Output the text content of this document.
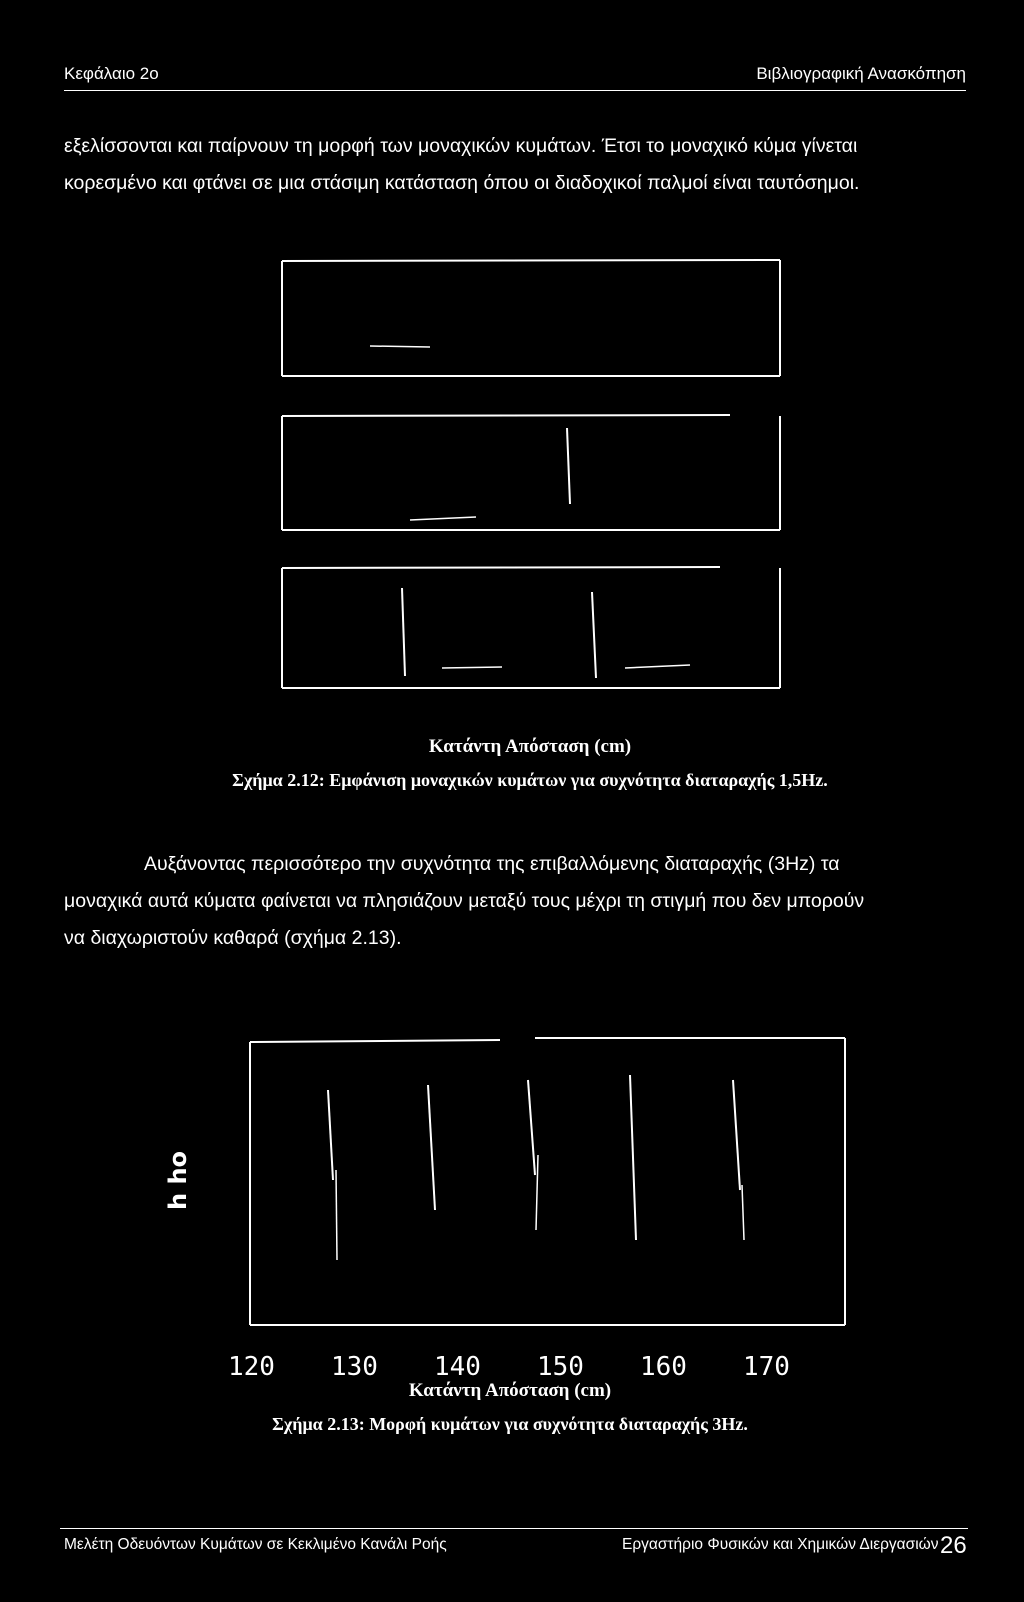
Κεφάλαιο 2ο	Βιβλιογραφική Ανασκόπηση
εξελίσσονται και παίρνουν τη μορφή των μοναχικών κυμάτων. Έτσι το μοναχικό κύμα γίνεται
κορεσμένο και φτάνει σε μια στάσιμη κατάσταση όπου οι διαδοχικοί παλμοί είναι ταυτόσημοι.
Κατάντη Απόσταση (cm)
Σχήμα 2.12: Εμφάνιση μοναχικών κυμάτων για συχνότητα διαταραχής 1,5Hz.
Αυξάνοντας περισσότερο την συχνότητα της επιβαλλόμενης διαταραχής (3Hz) τα
μοναχικά αυτά κύματα φαίνεται να πλησιάζουν μεταξύ τους μέχρι τη στιγμή που δεν μπορούν
να διαχωριστούν καθαρά (σχήμα 2.13).
h ho
120 130 140 150 160 170
Κατάντη Απόσταση (cm)
Σχήμα 2.13: Μορφή κυμάτων για συχνότητα διαταραχής 3Hz.
Μελέτη Οδευόντων Κυμάτων σε Κεκλιμένο Κανάλι Ροής	Εργαστήριο Φυσικών και Χημικών Διεργασιών 26
